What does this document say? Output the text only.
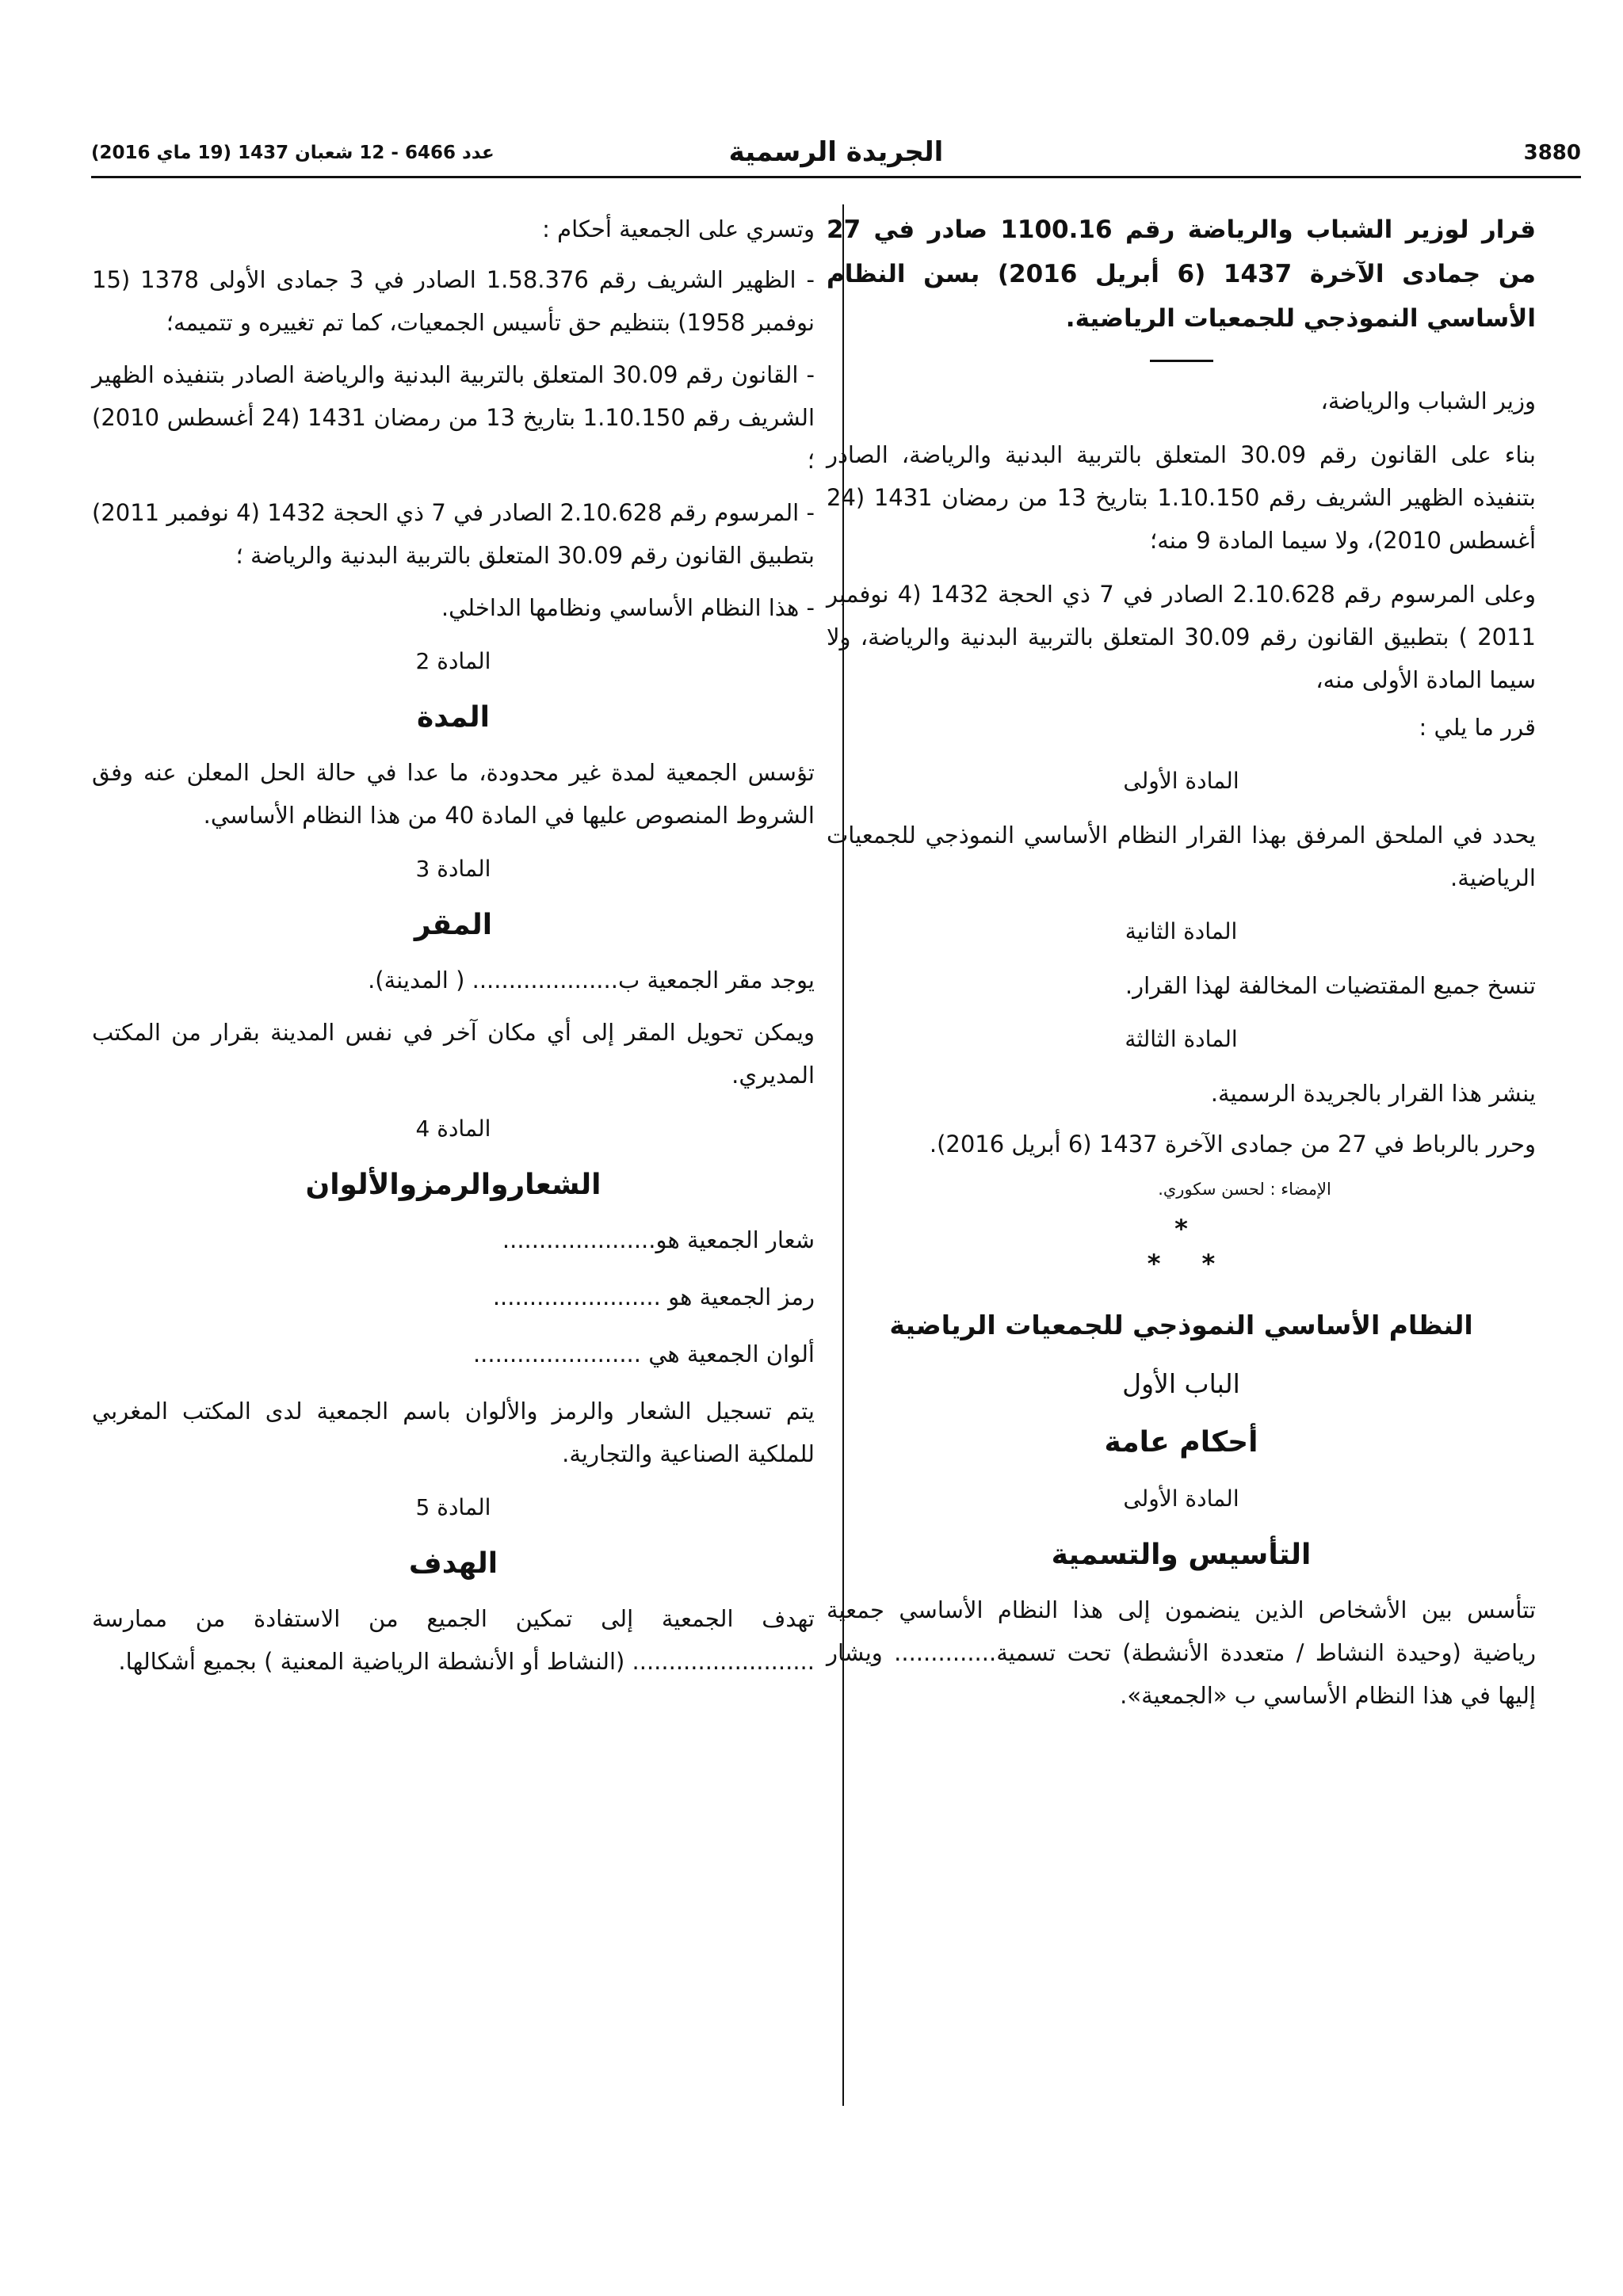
3880
الجريدة الرسمية
عدد 6466 - 12 شعبان 1437 (19 ماي 2016)

قرار لوزير الشباب والرياضة رقم 1100.16 صادر في 27 من جمادى الآخرة 1437 (6 أبريل 2016) بسن النظام الأساسي النموذجي للجمعيات الرياضية.

وزير الشباب والرياضة،

بناء على القانون رقم 30.09 المتعلق بالتربية البدنية والرياضة، الصادر بتنفيذه الظهير الشريف رقم 1.10.150 بتاريخ 13 من رمضان 1431 (24 أغسطس 2010)، ولا سيما المادة 9 منه؛

وعلى المرسوم رقم 2.10.628 الصادر في 7 ذي الحجة 1432 (4 نوفمبر 2011 ) بتطبيق القانون رقم 30.09 المتعلق بالتربية البدنية والرياضة، ولا سيما المادة الأولى منه،

قرر ما يلي :

المادة الأولى

يحدد في الملحق المرفق بهذا القرار النظام الأساسي النموذجي للجمعيات الرياضية.

المادة الثانية

تنسخ جميع المقتضيات المخالفة لهذا القرار.

المادة الثالثة

ينشر هذا القرار بالجريدة الرسمية.

وحرر بالرباط في 27 من جمادى الآخرة 1437 (6 أبريل 2016).

الإمضاء : لحسن سكوري.
*
**
النظام الأساسي النموذجي للجمعيات الرياضية
الباب الأول
أحكام عامة
المادة الأولى
التأسيس والتسمية

تتأسس بين الأشخاص الذين ينضمون إلى هذا النظام الأساسي جمعية رياضية (وحيدة النشاط / متعددة الأنشطة) تحت تسمية.............. ويشار إليها في هذا النظام الأساسي ب «الجمعية».

وتسري على الجمعية أحكام :

- الظهير الشريف رقم 1.58.376 الصادر في 3 جمادى الأولى 1378 (15 نوفمبر 1958) بتنظيم حق تأسيس الجمعيات، كما تم تغييره و تتميمه؛

- القانون رقم 30.09 المتعلق بالتربية البدنية والرياضة الصادر بتنفيذه الظهير الشريف رقم 1.10.150 بتاريخ 13 من رمضان 1431 (24 أغسطس 2010) ؛

- المرسوم رقم 2.10.628 الصادر في 7 ذي الحجة 1432 (4 نوفمبر 2011) بتطبيق القانون رقم 30.09 المتعلق بالتربية البدنية والرياضة ؛

- هذا النظام الأساسي ونظامها الداخلي.

المادة 2
المدة

تؤسس الجمعية لمدة غير محدودة، ما عدا في حالة الحل المعلن عنه وفق الشروط المنصوص عليها في المادة 40 من هذا النظام الأساسي.

المادة 3
المقر

يوجد مقر الجمعية ب.................... ( المدينة).

ويمكن تحويل المقر إلى أي مكان آخر في نفس المدينة بقرار من المكتب المديري.

المادة 4
الشعاروالرمزوالألوان

شعار الجمعية هو.....................

رمز الجمعية هو .......................

ألوان الجمعية هي .......................

يتم تسجيل الشعار والرمز والألوان باسم الجمعية لدى المكتب المغربي للملكية الصناعية والتجارية.

المادة 5
الهدف

تهدف الجمعية إلى تمكين الجميع من الاستفادة من ممارسة ......................... (النشاط أو الأنشطة الرياضية المعنية ) بجميع أشكالها.
